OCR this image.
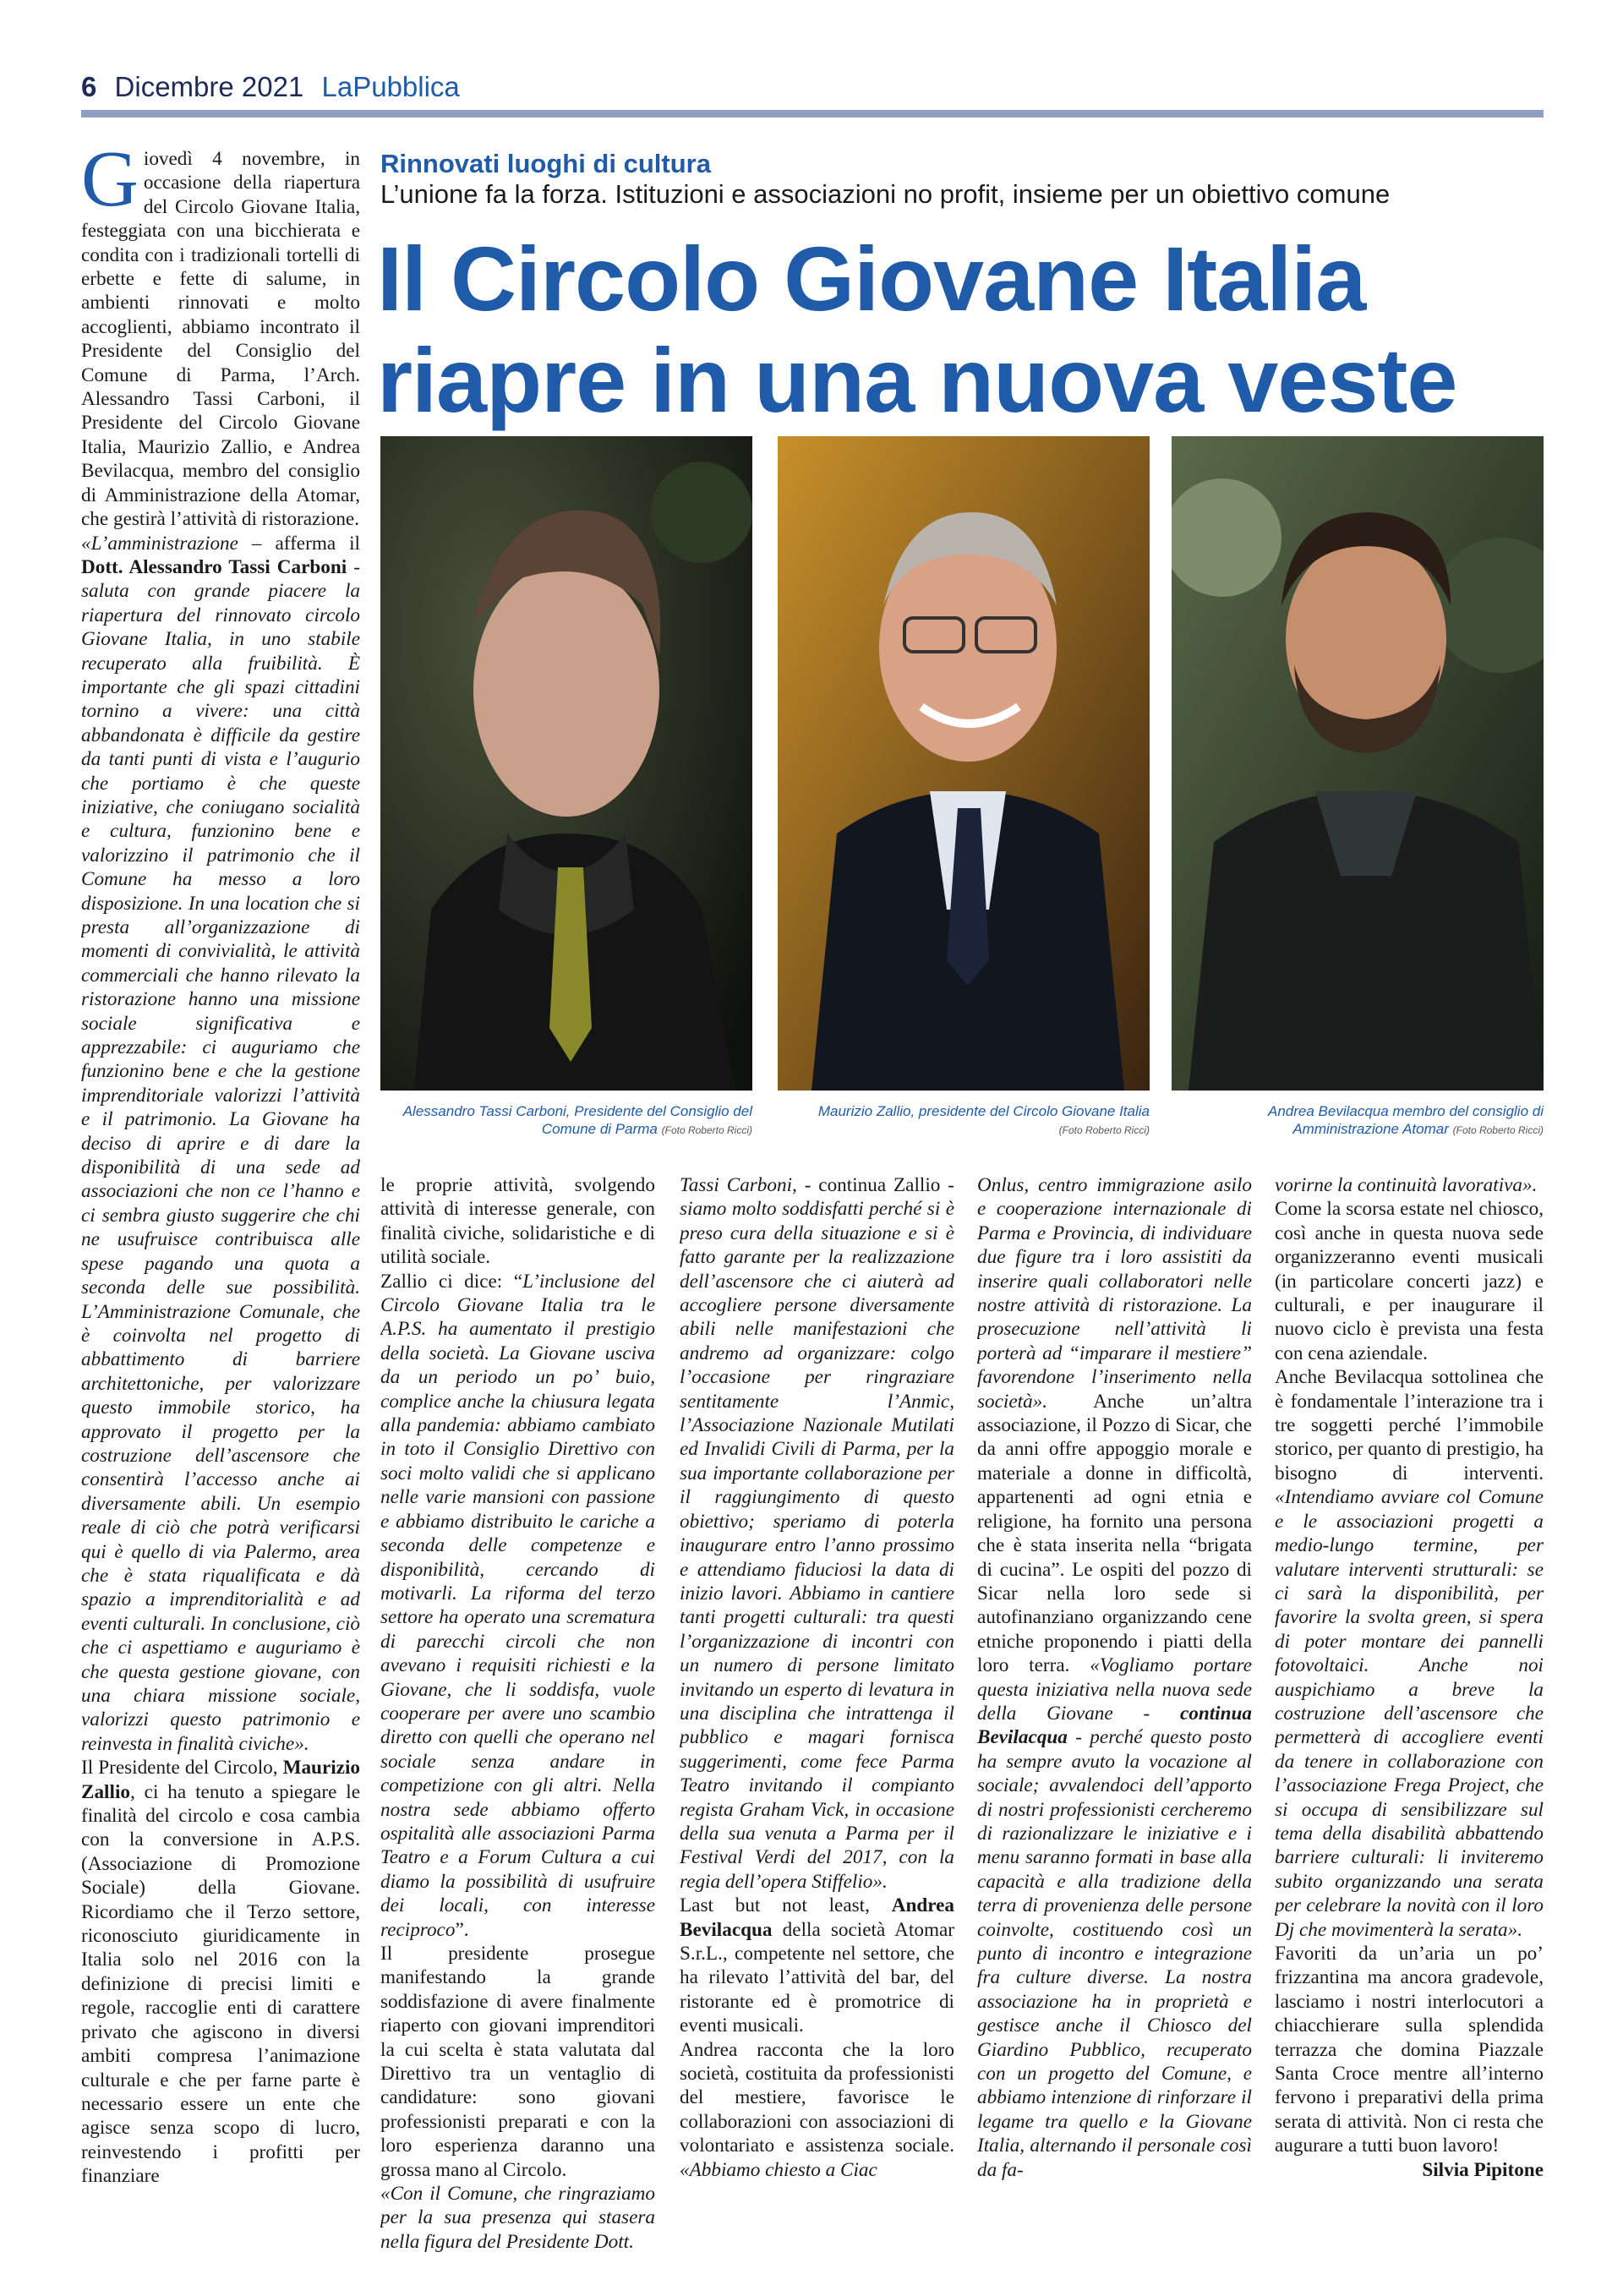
6 Dicembre 2021 LaPubblica

Giovedì 4 novembre, in occasione della riapertura del Circolo Giovane Italia, festeggiata con una bicchierata e condita con i tradizionali tortelli di erbette e fette di salume, in ambienti rinnovati e molto accoglienti, abbiamo incontrato il Presidente del Consiglio del Comune di Parma, l’Arch. Alessandro Tassi Carboni, il Presidente del Circolo Giovane Italia, Maurizio Zallio, e Andrea Bevilacqua, membro del consiglio di Amministrazione della Atomar, che gestirà l’attività di ristorazione.

«L’amministrazione – afferma il Dott. Alessandro Tassi Carboni - saluta con grande piacere la riapertura del rinnovato circolo Giovane Italia, in uno stabile recuperato alla fruibilità. È importante che gli spazi cittadini tornino a vivere: una città abbandonata è difficile da gestire da tanti punti di vista e l’augurio che portiamo è che queste iniziative, che coniugano socialità e cultura, funzionino bene e valorizzino il patrimonio che il Comune ha messo a loro disposizione. In una location che si presta all’organizzazione di momenti di convivialità, le attività commerciali che hanno rilevato la ristorazione hanno una missione sociale significativa e apprezzabile: ci auguriamo che funzionino bene e che la gestione imprenditoriale valorizzi l’attività e il patrimonio. La Giovane ha deciso di aprire e di dare la disponibilità di una sede ad associazioni che non ce l’hanno e ci sembra giusto suggerire che chi ne usufruisce contribuisca alle spese pagando una quota a seconda delle sue possibilità. L’Amministrazione Comunale, che è coinvolta nel progetto di abbattimento di barriere architettoniche, per valorizzare questo immobile storico, ha approvato il progetto per la costruzione dell’ascensore che consentirà l’accesso anche ai diversamente abili. Un esempio reale di ciò che potrà verificarsi qui è quello di via Palermo, area che è stata riqualificata e dà spazio a imprenditorialità e ad eventi culturali. In conclusione, ciò che ci aspettiamo e auguriamo è che questa gestione giovane, con una chiara missione sociale, valorizzi questo patrimonio e reinvesta in finalità civiche».

Il Presidente del Circolo, Maurizio Zallio, ci ha tenuto a spiegare le finalità del circolo e cosa cambia con la conversione in A.P.S. (Associazione di Promozione Sociale) della Giovane. Ricordiamo che il Terzo settore, riconosciuto giuridicamente in Italia solo nel 2016 con la definizione di precisi limiti e regole, raccoglie enti di carattere privato che agiscono in diversi ambiti compresa l’animazione culturale e che per farne parte è necessario essere un ente che agisce senza scopo di lucro, reinvestendo i profitti per finanziare

Rinnovati luoghi di cultura
L’unione fa la forza. Istituzioni e associazioni no profit, insieme per un obiettivo comune
Il Circolo Giovane Italia
riapre in una nuova veste
Alessandro Tassi Carboni, Presidente del Consiglio del Comune di Parma (Foto Roberto Ricci)
Maurizio Zallio, presidente del Circolo Giovane Italia
(Foto Roberto Ricci)
Andrea Bevilacqua membro del consiglio di Amministrazione Atomar (Foto Roberto Ricci)

le proprie attività, svolgendo attività di interesse generale, con finalità civiche, solidaristiche e di utilità sociale.

Zallio ci dice: “L’inclusione del Circolo Giovane Italia tra le A.P.S. ha aumentato il prestigio della società. La Giovane usciva da un periodo un po’ buio, complice anche la chiusura legata alla pandemia: abbiamo cambiato in toto il Consiglio Direttivo con soci molto validi che si applicano nelle varie mansioni con passione e abbiamo distribuito le cariche a seconda delle competenze e disponibilità, cercando di motivarli. La riforma del terzo settore ha operato una scrematura di parecchi circoli che non avevano i requisiti richiesti e la Giovane, che li soddisfa, vuole cooperare per avere uno scambio diretto con quelli che operano nel sociale senza andare in competizione con gli altri. Nella nostra sede abbiamo offerto ospitalità alle associazioni Parma Teatro e a Forum Cultura a cui diamo la possibilità di usufruire dei locali, con interesse reciproco”.

Il presidente prosegue manifestando la grande soddisfazione di avere finalmente riaperto con giovani imprenditori la cui scelta è stata valutata dal Direttivo tra un ventaglio di candidature: sono giovani professionisti preparati e con la loro esperienza daranno una grossa mano al Circolo.

«Con il Comune, che ringraziamo per la sua presenza qui stasera nella figura del Presidente Dott.

Tassi Carboni, - continua Zallio - siamo molto soddisfatti perché si è preso cura della situazione e si è fatto garante per la realizzazione dell’ascensore che ci aiuterà ad accogliere persone diversamente abili nelle manifestazioni che andremo ad organizzare: colgo l’occasione per ringraziare sentitamente l’Anmic, l’Associazione Nazionale Mutilati ed Invalidi Civili di Parma, per la sua importante collaborazione per il raggiungimento di questo obiettivo; speriamo di poterla inaugurare entro l’anno prossimo e attendiamo fiduciosi la data di inizio lavori. Abbiamo in cantiere tanti progetti culturali: tra questi l’organizzazione di incontri con un numero di persone limitato invitando un esperto di levatura in una disciplina che intrattenga il pubblico e magari fornisca suggerimenti, come fece Parma Teatro invitando il compianto regista Graham Vick, in occasione della sua venuta a Parma per il Festival Verdi del 2017, con la regia dell’opera Stiffelio».

Last but not least, Andrea Bevilacqua della società Atomar S.r.L., competente nel settore, che ha rilevato l’attività del bar, del ristorante ed è promotrice di eventi musicali.

Andrea racconta che la loro società, costituita da professionisti del mestiere, favorisce le collaborazioni con associazioni di volontariato e assistenza sociale. «Abbiamo chiesto a Ciac

Onlus, centro immigrazione asilo e cooperazione internazionale di Parma e Provincia, di individuare due figure tra i loro assistiti da inserire quali collaboratori nelle nostre attività di ristorazione. La prosecuzione nell’attività li porterà ad “imparare il mestiere” favorendone l’inserimento nella società». Anche un’altra associazione, il Pozzo di Sicar, che da anni offre appoggio morale e materiale a donne in difficoltà, appartenenti ad ogni etnia e religione, ha fornito una persona che è stata inserita nella “brigata di cucina”. Le ospiti del pozzo di Sicar nella loro sede si autofinanziano organizzando cene etniche proponendo i piatti della loro terra. «Vogliamo portare questa iniziativa nella nuova sede della Giovane - continua Bevilacqua - perché questo posto ha sempre avuto la vocazione al sociale; avvalendoci dell’apporto di nostri professionisti cercheremo di razionalizzare le iniziative e i menu saranno formati in base alla capacità e alla tradizione della terra di provenienza delle persone coinvolte, costituendo così un punto di incontro e integrazione fra culture diverse. La nostra associazione ha in proprietà e gestisce anche il Chiosco del Giardino Pubblico, recuperato con un progetto del Comune, e abbiamo intenzione di rinforzare il legame tra quello e la Giovane Italia, alternando il personale così da fa-

vorirne la continuità lavorativa».

Come la scorsa estate nel chiosco, così anche in questa nuova sede organizzeranno eventi musicali (in particolare concerti jazz) e culturali, e per inaugurare il nuovo ciclo è prevista una festa con cena aziendale.

Anche Bevilacqua sottolinea che è fondamentale l’interazione tra i tre soggetti perché l’immobile storico, per quanto di prestigio, ha bisogno di interventi. «Intendiamo avviare col Comune e le associazioni progetti a medio-lungo termine, per valutare interventi strutturali: se ci sarà la disponibilità, per favorire la svolta green, si spera di poter montare dei pannelli fotovoltaici. Anche noi auspichiamo a breve la costruzione dell’ascensore che permetterà di accogliere eventi da tenere in collaborazione con l’associazione Frega Project, che si occupa di sensibilizzare sul tema della disabilità abbattendo barriere culturali: li inviteremo subito organizzando una serata per celebrare la novità con il loro Dj che movimenterà la serata».

Favoriti da un’aria un po’ frizzantina ma ancora gradevole, lasciamo i nostri interlocutori a chiacchierare sulla splendida terrazza che domina Piazzale Santa Croce mentre all’interno fervono i preparativi della prima serata di attività. Non ci resta che augurare a tutti buon lavoro!

Silvia Pipitone
